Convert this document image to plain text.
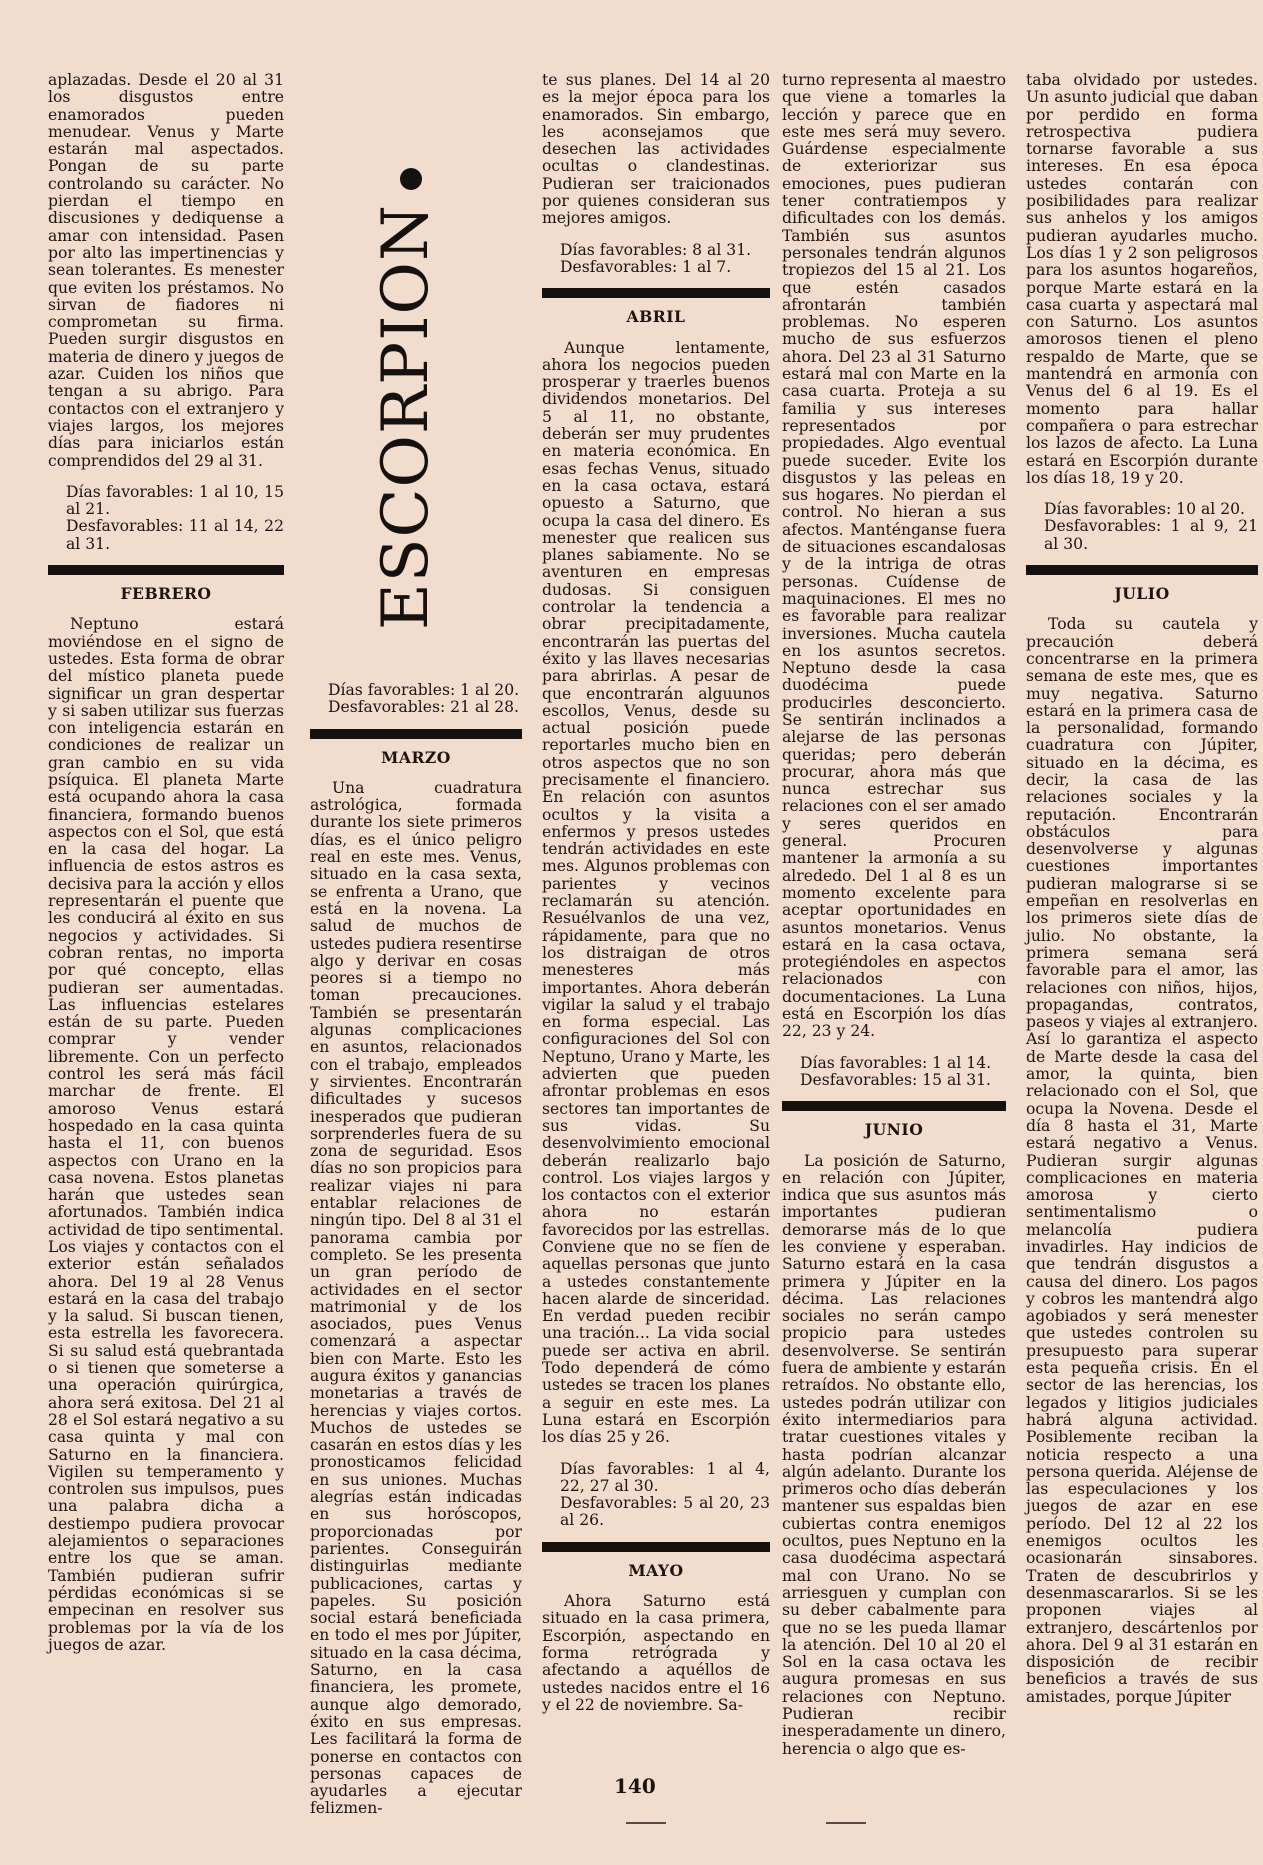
aplazadas. Desde el 20 al 31 los disgustos entre enamorados pueden menudear. Venus y Marte estarán mal aspectados. Pongan de su parte controlando su carácter. No pierdan el tiempo en discusiones y dediquense a amar con intensidad. Pasen por alto las impertinencias y sean tolerantes. Es menester que eviten los préstamos. No sirvan de fiadores ni comprometan su firma. Pueden surgir disgustos en materia de dinero y juegos de azar. Cuiden los niños que tengan a su abrigo. Para contactos con el extranjero y viajes largos, los mejores días para iniciarlos están comprendidos del 29 al 31.

Días favorables: 1 al 10, 15 al 21.
Desfavorables: 11 al 14, 22 al 31.
FEBRERO

Neptuno estará moviéndose en el signo de ustedes. Esta forma de obrar del místico planeta puede significar un gran despertar y si saben utilizar sus fuerzas con inteligencia estarán en condiciones de realizar un gran cambio en su vida psíquica. El planeta Marte está ocupando ahora la casa financiera, formando buenos aspectos con el Sol, que está en la casa del hogar. La influencia de estos astros es decisiva para la acción y ellos representarán el puente que les conducirá al éxito en sus negocios y actividades. Si cobran rentas, no importa por qué concepto, ellas pudieran ser aumentadas. Las influencias estelares están de su parte. Pueden comprar y vender libremente. Con un perfecto control les será más fácil marchar de frente. El amoroso Venus estará hospedado en la casa quinta hasta el 11, con buenos aspectos con Urano en la casa novena. Estos planetas harán que ustedes sean afortunados. También indica actividad de tipo sentimental. Los viajes y contactos con el exterior están señalados ahora. Del 19 al 28 Venus estará en la casa del trabajo y la salud. Si buscan tienen, esta estrella les favorecera. Si su salud está quebrantada o si tienen que someterse a una operación quirúrgica, ahora será exitosa. Del 21 al 28 el Sol estará negativo a su casa quinta y mal con Saturno en la financiera. Vigilen su temperamento y controlen sus impulsos, pues una palabra dicha a destiempo pudiera provocar alejamientos o separaciones entre los que se aman. También pudieran sufrir pérdidas económicas si se empecinan en resolver sus problemas por la vía de los juegos de azar.

ESCORPION
Días favorables: 1 al 20.
Desfavorables: 21 al 28.
MARZO

Una cuadratura astrológica, formada durante los siete primeros días, es el único peligro real en este mes. Venus, situado en la casa sexta, se enfrenta a Urano, que está en la novena. La salud de muchos de ustedes pudiera resentirse algo y derivar en cosas peores si a tiempo no toman precauciones. También se presentarán algunas complicaciones en asuntos, relacionados con el trabajo, empleados y sirvientes. Encontrarán dificultades y sucesos inesperados que pudieran sorprenderles fuera de su zona de seguridad. Esos días no son propicios para realizar viajes ni para entablar relaciones de ningún tipo. Del 8 al 31 el panorama cambia por completo. Se les presenta un gran período de actividades en el sector matrimonial y de los asociados, pues Venus comenzará a aspectar bien con Marte. Esto les augura éxitos y ganancias monetarias a través de herencias y viajes cortos. Muchos de ustedes se casarán en estos días y les pronosticamos felicidad en sus uniones. Muchas alegrías están indicadas en sus horóscopos, proporcionadas por parientes. Conseguirán distinguirlas mediante publicaciones, cartas y papeles. Su posición social estará beneficiada en todo el mes por Júpiter, situado en la casa décima, Saturno, en la casa financiera, les promete, aunque algo demorado, éxito en sus empresas. Les facilitará la forma de ponerse en contactos con personas capaces de ayudarles a ejecutar felizmen-

te sus planes. Del 14 al 20 es la mejor época para los enamorados. Sin embargo, les aconsejamos que desechen las actividades ocultas o clandestinas. Pudieran ser traicionados por quienes consideran sus mejores amigos.

Días favorables: 8 al 31.
Desfavorables: 1 al 7.
ABRIL

Aunque lentamente, ahora los negocios pueden prosperar y traerles buenos dividendos monetarios. Del 5 al 11, no obstante, deberán ser muy prudentes en materia económica. En esas fechas Venus, situado en la casa octava, estará opuesto a Saturno, que ocupa la casa del dinero. Es menester que realicen sus planes sabiamente. No se aventuren en empresas dudosas. Si consiguen controlar la tendencia a obrar precipitadamente, encontrarán las puertas del éxito y las llaves necesarias para abrirlas. A pesar de que encontrarán alguunos escollos, Venus, desde su actual posición puede reportarles mucho bien en otros aspectos que no son precisamente el financiero. En relación con asuntos ocultos y la visita a enfermos y presos ustedes tendrán actividades en este mes. Algunos problemas con parientes y vecinos reclamarán su atención. Resuélvanlos de una vez, rápidamente, para que no los distraigan de otros menesteres más importantes. Ahora deberán vigilar la salud y el trabajo en forma especial. Las configuraciones del Sol con Neptuno, Urano y Marte, les advierten que pueden afrontar problemas en esos sectores tan importantes de sus vidas. Su desenvolvimiento emocional deberán realizarlo bajo control. Los viajes largos y los contactos con el exterior ahora no estarán favorecidos por las estrellas. Conviene que no se fíen de aquellas personas que junto a ustedes constantemente hacen alarde de sinceridad. En verdad pueden recibir una tración... La vida social puede ser activa en abril. Todo dependerá de cómo ustedes se tracen los planes a seguir en este mes. La Luna estará en Escorpión los días 25 y 26.

Días favorables: 1 al 4, 22, 27 al 30.
Desfavorables: 5 al 20, 23 al 26.
MAYO

Ahora Saturno está situado en la casa primera, Escorpión, aspectando en forma retrógrada y afectando a aquéllos de ustedes nacidos entre el 16 y el 22 de noviembre. Sa-

turno representa al maestro que viene a tomarles la lección y parece que en este mes será muy severo. Guárdense especialmente de exteriorizar sus emociones, pues pudieran tener contratiempos y dificultades con los demás. También sus asuntos personales tendrán algunos tropiezos del 15 al 21. Los que estén casados afrontarán también problemas. No esperen mucho de sus esfuerzos ahora. Del 23 al 31 Saturno estará mal con Marte en la casa cuarta. Proteja a su familia y sus intereses representados por propiedades. Algo eventual puede suceder. Evite los disgustos y las peleas en sus hogares. No pierdan el control. No hieran a sus afectos. Manténganse fuera de situaciones escandalosas y de la intriga de otras personas. Cuídense de maquinaciones. El mes no es favorable para realizar inversiones. Mucha cautela en los asuntos secretos. Neptuno desde la casa duodécima puede producirles desconcierto. Se sentirán inclinados a alejarse de las personas queridas; pero deberán procurar, ahora más que nunca estrechar sus relaciones con el ser amado y seres queridos en general. Procuren mantener la armonía a su alrededo. Del 1 al 8 es un momento excelente para aceptar oportunidades en asuntos monetarios. Venus estará en la casa octava, protegiéndoles en aspectos relacionados con documentaciones. La Luna está en Escorpión los días 22, 23 y 24.

Días favorables: 1 al 14.
Desfavorables: 15 al 31.
JUNIO

La posición de Saturno, en relación con Júpiter, indica que sus asuntos más importantes pudieran demorarse más de lo que les conviene y esperaban. Saturno estará en la casa primera y Júpiter en la décima. Las relaciones sociales no serán campo propicio para ustedes desenvolverse. Se sentirán fuera de ambiente y estarán retraídos. No obstante ello, ustedes podrán utilizar con éxito intermediarios para tratar cuestiones vitales y hasta podrían alcanzar algún adelanto. Durante los primeros ocho días deberán mantener sus espaldas bien cubiertas contra enemigos ocultos, pues Neptuno en la casa duodécima aspectará mal con Urano. No se arriesguen y cumplan con su deber cabalmente para que no se les pueda llamar la atención. Del 10 al 20 el Sol en la casa octava les augura promesas en sus relaciones con Neptuno. Pudieran recibir inesperadamente un dinero, herencia o algo que es-

taba olvidado por ustedes. Un asunto judicial que daban por perdido en forma retrospectiva pudiera tornarse favorable a sus intereses. En esa época ustedes contarán con posibilidades para realizar sus anhelos y los amigos pudieran ayudarles mucho. Los días 1 y 2 son peligrosos para los asuntos hogareños, porque Marte estará en la casa cuarta y aspectará mal con Saturno. Los asuntos amorosos tienen el pleno respaldo de Marte, que se mantendrá en armonía con Venus del 6 al 19. Es el momento para hallar compañera o para estrechar los lazos de afecto. La Luna estará en Escorpión durante los días 18, 19 y 20.

Días favorables: 10 al 20.
Desfavorables: 1 al 9, 21 al 30.
JULIO

Toda su cautela y precaución deberá concentrarse en la primera semana de este mes, que es muy negativa. Saturno estará en la primera casa de la personalidad, formando cuadratura con Júpiter, situado en la décima, es decir, la casa de las relaciones sociales y la reputación. Encontrarán obstáculos para desenvolverse y algunas cuestiones importantes pudieran malograrse si se empeñan en resolverlas en los primeros siete días de julio. No obstante, la primera semana será favorable para el amor, las relaciones con niños, hijos, propagandas, contratos, paseos y viajes al extranjero. Así lo garantiza el aspecto de Marte desde la casa del amor, la quinta, bien relacionado con el Sol, que ocupa la Novena. Desde el día 8 hasta el 31, Marte estará negativo a Venus. Pudieran surgir algunas complicaciones en materia amorosa y cierto sentimentalismo o melancolía pudiera invadirles. Hay indicios de que tendrán disgustos a causa del dinero. Los pagos y cobros les mantendrá algo agobiados y será menester que ustedes controlen su presupuesto para superar esta pequeña crisis. En el sector de las herencias, los legados y litigios judiciales habrá alguna actividad. Posiblemente reciban la noticia respecto a una persona querida. Aléjense de las especulaciones y los juegos de azar en ese período. Del 12 al 22 los enemigos ocultos les ocasionarán sinsabores. Traten de descubrirlos y desenmascararlos. Si se les proponen viajes al extranjero, descártenlos por ahora. Del 9 al 31 estarán en disposición de recibir beneficios a través de sus amistades, porque Júpiter

140
